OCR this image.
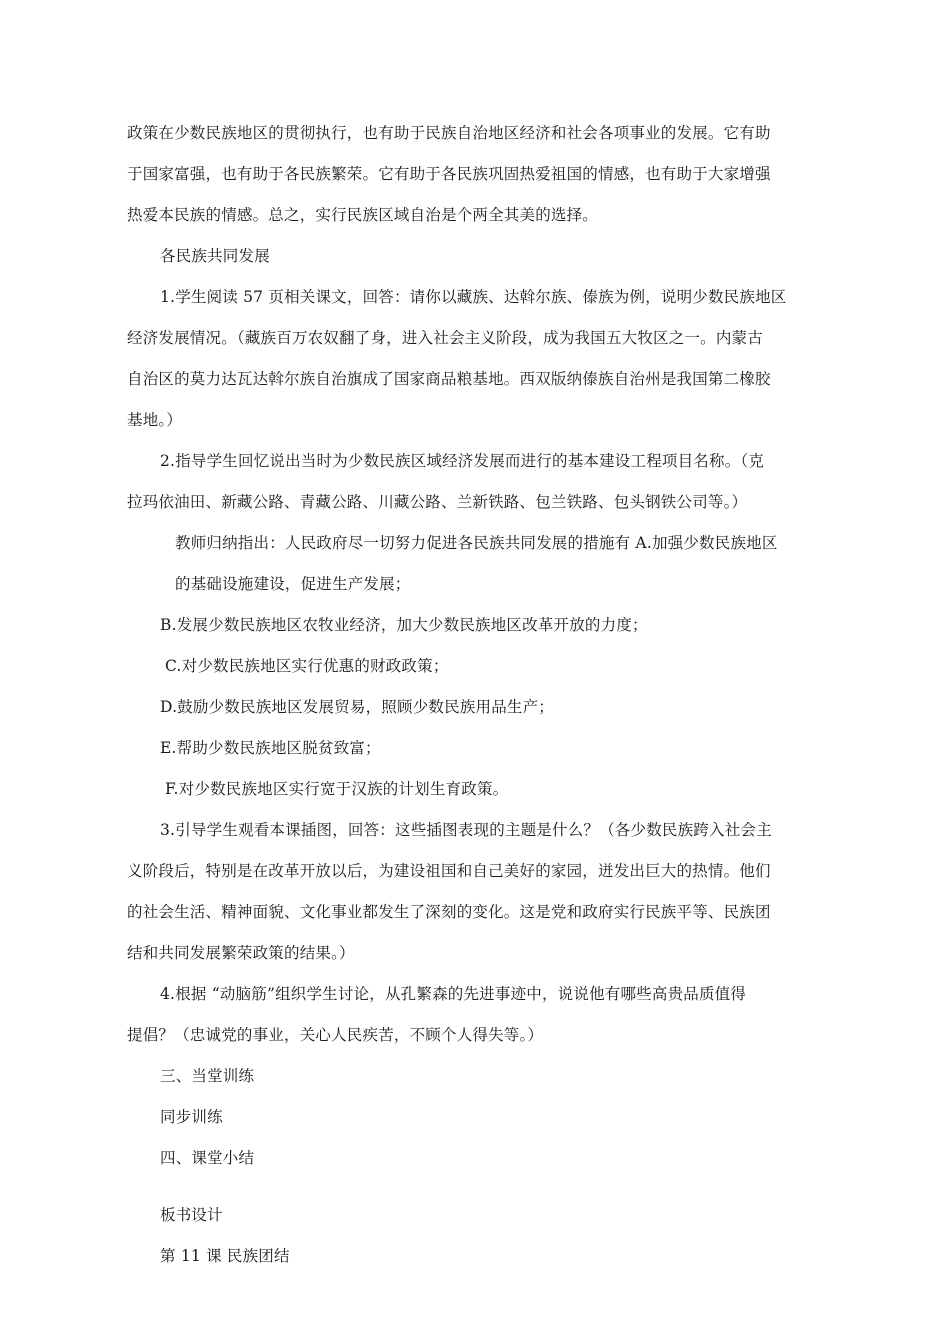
政策在少数民族地区的贯彻执行，也有助于民族自治地区经济和社会各项事业的发展。它有助
于国家富强，也有助于各民族繁荣。它有助于各民族巩固热爱祖国的情感，也有助于大家增强
热爱本民族的情感。总之，实行民族区域自治是个两全其美的选择。
各民族共同发展
1.学生阅读 57 页相关课文，回答：请你以藏族、达斡尔族、傣族为例，说明少数民族地区
经济发展情况。（藏族百万农奴翻了身，进入社会主义阶段，成为我国五大牧区之一。内蒙古
自治区的莫力达瓦达斡尔族自治旗成了国家商品粮基地。西双版纳傣族自治州是我国第二橡胶
基地。）
2.指导学生回忆说出当时为少数民族区域经济发展而进行的基本建设工程项目名称。（克
拉玛依油田、新藏公路、青藏公路、川藏公路、兰新铁路、包兰铁路、包头钢铁公司等。）
教师归纳指出：人民政府尽一切努力促进各民族共同发展的措施有 A.加强少数民族地区
的基础设施建设，促进生产发展；
B.发展少数民族地区农牧业经济，加大少数民族地区改革开放的力度；
C.对少数民族地区实行优惠的财政政策；
D.鼓励少数民族地区发展贸易，照顾少数民族用品生产；
E.帮助少数民族地区脱贫致富；
F.对少数民族地区实行宽于汉族的计划生育政策。
3.引导学生观看本课插图，回答：这些插图表现的主题是什么？（各少数民族跨入社会主
义阶段后，特别是在改革开放以后，为建设祖国和自己美好的家园，迸发出巨大的热情。他们
的社会生活、精神面貌、文化事业都发生了深刻的变化。这是党和政府实行民族平等、民族团
结和共同发展繁荣政策的结果。）
4.根据 “动脑筋”组织学生讨论，从孔繁森的先进事迹中，说说他有哪些高贵品质值得
提倡？（忠诚党的事业，关心人民疾苦，不顾个人得失等。）
三、当堂训练
同步训练
四、课堂小结
板书设计
第 11 课 民族团结
